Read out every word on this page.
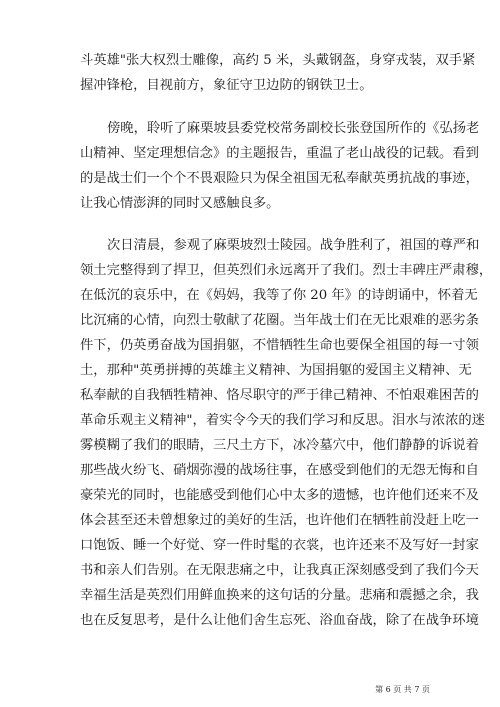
斗英雄"张大权烈士雕像，高约 5 米，头戴钢盔，身穿戎装，双手紧
握冲锋枪，目视前方，象征守卫边防的钢铁卫士。
傍晚，聆听了麻栗坡县委党校常务副校长张登国所作的《弘扬老
山精神、坚定理想信念》的主题报告，重温了老山战役的记载。看到
的是战士们一个个不畏艰险只为保全祖国无私奉献英勇抗战的事迹，
让我心情澎湃的同时又感触良多。
次日清晨，参观了麻栗坡烈士陵园。战争胜利了，祖国的尊严和
领土完整得到了捍卫，但英烈们永远离开了我们。烈士丰碑庄严肃穆，
在低沉的哀乐中，在《妈妈，我等了你 20 年》的诗朗诵中，怀着无
比沉痛的心情，向烈士敬献了花圈。当年战士们在无比艰难的恶劣条
件下，仍英勇奋战为国捐躯，不惜牺牲生命也要保全祖国的每一寸领
土，那种"英勇拼搏的英雄主义精神、为国捐躯的爱国主义精神、无
私奉献的自我牺牲精神、恪尽职守的严于律己精神、不怕艰难困苦的
革命乐观主义精神"，着实令今天的我们学习和反思。泪水与浓浓的迷
雾模糊了我们的眼睛，三尺土方下，冰冷墓穴中，他们静静的诉说着
那些战火纷飞、硝烟弥漫的战场往事，在感受到他们的无怨无悔和自
豪荣光的同时，也能感受到他们心中太多的遗憾，也许他们还来不及
体会甚至还未曾想象过的美好的生活，也许他们在牺牲前没赶上吃一
口饱饭、睡一个好觉、穿一件时髦的衣裳，也许还来不及写好一封家
书和亲人们告别。在无限悲痛之中，让我真正深刻感受到了我们今天
幸福生活是英烈们用鲜血换来的这句话的分量。悲痛和震撼之余，我
也在反复思考，是什么让他们舍生忘死、浴血奋战，除了在战争环境
第 6 页 共 7 页
